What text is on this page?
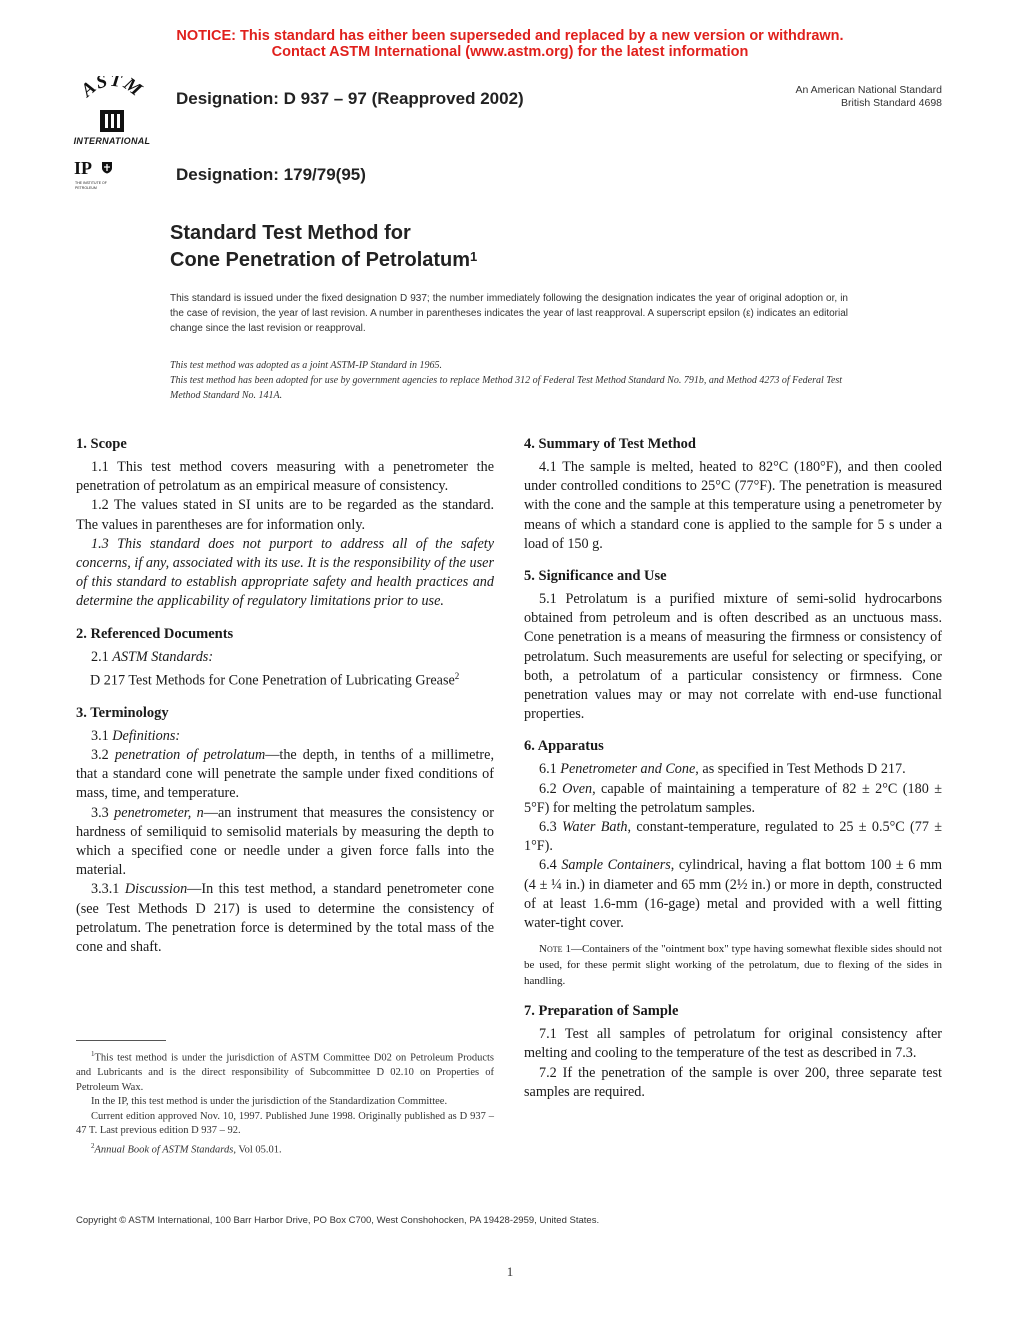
NOTICE: This standard has either been superseded and replaced by a new version or withdrawn.
Contact ASTM International (www.astm.org) for the latest information
ASTM
INTERNATIONAL
Designation: D 937 – 97 (Reapproved 2002)	An American National Standard
British Standard 4698
IP
THE INSTITUTE OF PETROLEUM
Designation: 179/79(95)
Standard Test Method for
Cone Penetration of Petrolatum$^1$
This standard is issued under the fixed designation D 937; the number immediately following the designation indicates the year of original adoption or, in the case of revision, the year of last revision. A number in parentheses indicates the year of last reapproval. A superscript epsilon (ε) indicates an editorial change since the last revision or reapproval.
This test method was adopted as a joint ASTM-IP Standard in 1965.
This test method has been adopted for use by government agencies to replace Method 312 of Federal Test Method Standard No. 791b, and Method 4273 of Federal Test Method Standard No. 141A.
1. Scope

1.1 This test method covers measuring with a penetrometer the penetration of petrolatum as an empirical measure of consistency.

1.2 The values stated in SI units are to be regarded as the standard. The values in parentheses are for information only.

1.3 This standard does not purport to address all of the safety concerns, if any, associated with its use. It is the responsibility of the user of this standard to establish appropriate safety and health practices and determine the applicability of regulatory limitations prior to use.

2. Referenced Documents

2.1 ASTM Standards:

D 217 Test Methods for Cone Penetration of Lubricating Grease$^2$

3. Terminology

3.1 Definitions:

3.2 penetration of petrolatum—the depth, in tenths of a millimetre, that a standard cone will penetrate the sample under fixed conditions of mass, time, and temperature.

3.3 penetrometer, n—an instrument that measures the consistency or hardness of semiliquid to semisolid materials by measuring the depth to which a specified cone or needle under a given force falls into the material.

3.3.1 Discussion—In this test method, a standard penetrometer cone (see Test Methods D 217) is used to determine the consistency of petrolatum. The penetration force is determined by the total mass of the cone and shaft.

$^1$This test method is under the jurisdiction of ASTM Committee D02 on Petroleum Products and Lubricants and is the direct responsibility of Subcommittee D 02.10 on Properties of Petroleum Wax.

In the IP, this test method is under the jurisdiction of the Standardization Committee.

Current edition approved Nov. 10, 1997. Published June 1998. Originally published as D 937 – 47 T. Last previous edition D 937 – 92.

$^2$Annual Book of ASTM Standards, Vol 05.01.

4. Summary of Test Method

4.1 The sample is melted, heated to 82°C (180°F), and then cooled under controlled conditions to 25°C (77°F). The penetration is measured with the cone and the sample at this temperature using a penetrometer by means of which a standard cone is applied to the sample for 5 s under a load of 150 g.

5. Significance and Use

5.1 Petrolatum is a purified mixture of semi-solid hydrocarbons obtained from petroleum and is often described as an unctuous mass. Cone penetration is a means of measuring the firmness or consistency of petrolatum. Such measurements are useful for selecting or specifying, or both, a petrolatum of a particular consistency or firmness. Cone penetration values may or may not correlate with end-use functional properties.

6. Apparatus

6.1 Penetrometer and Cone, as specified in Test Methods D 217.

6.2 Oven, capable of maintaining a temperature of 82 ± 2°C (180 ± 5°F) for melting the petrolatum samples.

6.3 Water Bath, constant-temperature, regulated to 25 ± 0.5°C (77 ± 1°F).

6.4 Sample Containers, cylindrical, having a flat bottom 100 ± 6 mm (4 ± ¼ in.) in diameter and 65 mm (2½ in.) or more in depth, constructed of at least 1.6-mm (16-gage) metal and provided with a well fitting water-tight cover.

Note 1—Containers of the "ointment box" type having somewhat flexible sides should not be used, for these permit slight working of the petrolatum, due to flexing of the sides in handling.

7. Preparation of Sample

7.1 Test all samples of petrolatum for original consistency after melting and cooling to the temperature of the test as described in 7.3.

7.2 If the penetration of the sample is over 200, three separate test samples are required.

Copyright © ASTM International, 100 Barr Harbor Drive, PO Box C700, West Conshohocken, PA 19428-2959, United States.
1
